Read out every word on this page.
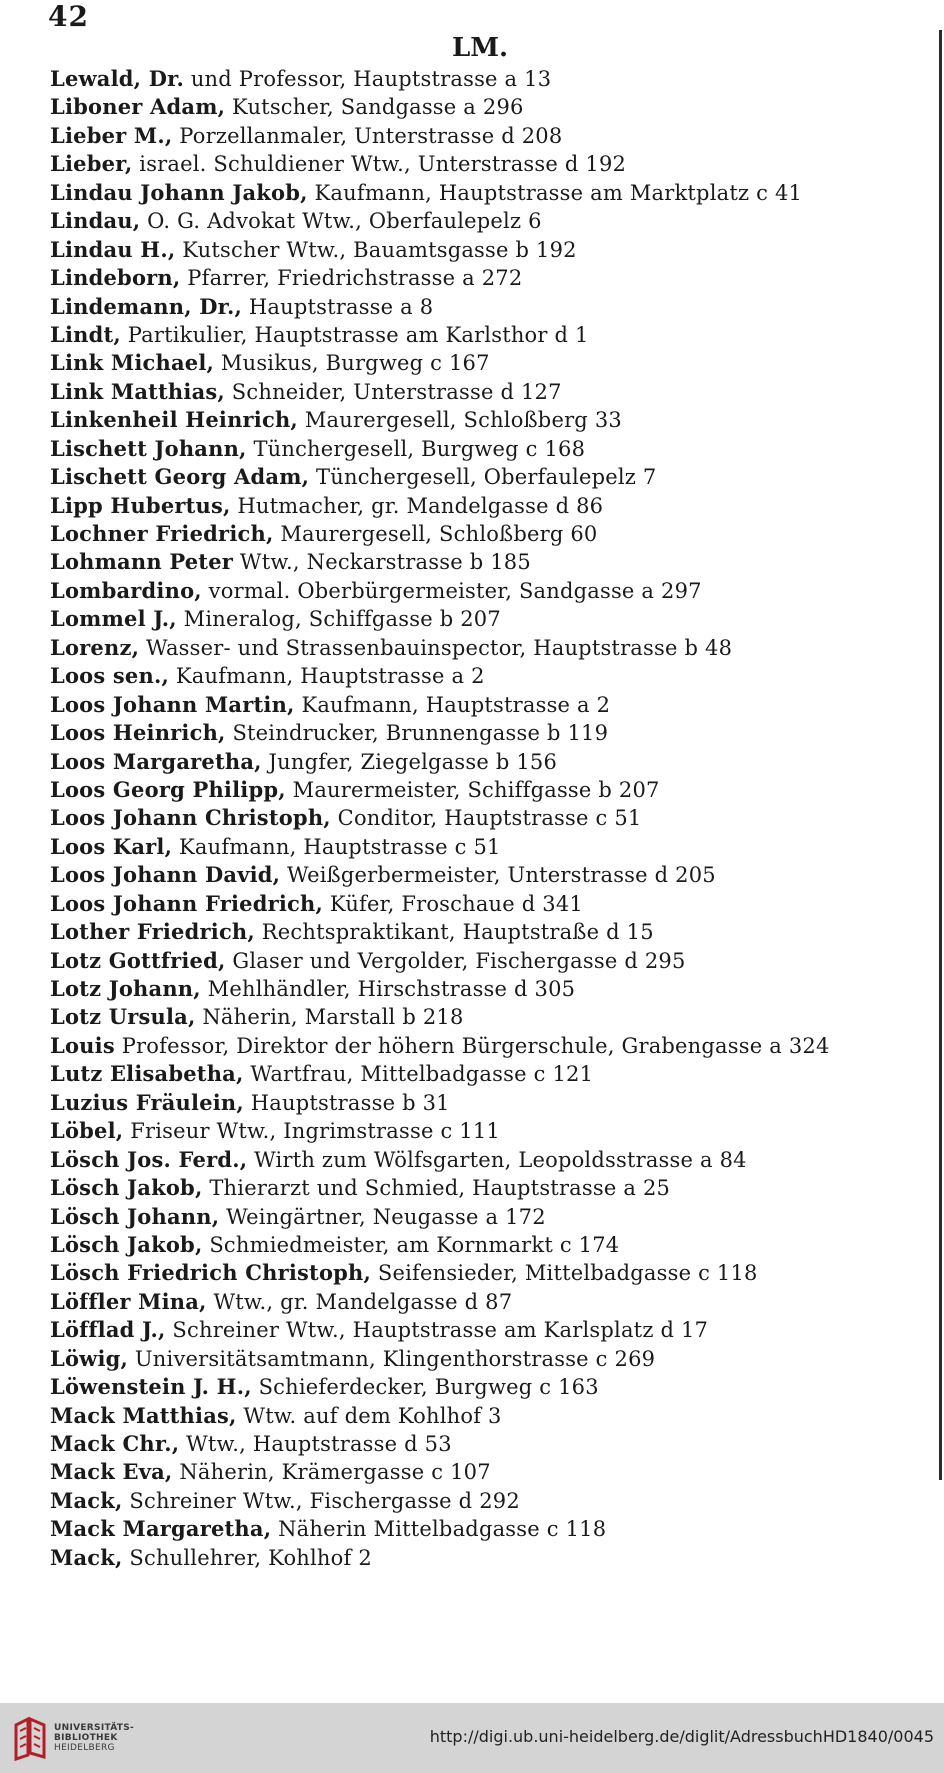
42
LM.
Lewald, Dr. und Professor, Hauptstrasse a 13
Liboner Adam, Kutscher, Sandgasse a 296
Lieber M., Porzellanmaler, Unterstrasse d 208
Lieber, israel. Schuldiener Wtw., Unterstrasse d 192
Lindau Johann Jakob, Kaufmann, Hauptstrasse am Marktplatz c 41
Lindau, O. G. Advokat Wtw., Oberfaulepelz 6
Lindau H., Kutscher Wtw., Bauamtsgasse b 192
Lindeborn, Pfarrer, Friedrichstrasse a 272
Lindemann, Dr., Hauptstrasse a 8
Lindt, Partikulier, Hauptstrasse am Karlsthor d 1
Link Michael, Musikus, Burgweg c 167
Link Matthias, Schneider, Unterstrasse d 127
Linkenheil Heinrich, Maurergesell, Schloßberg 33
Lischett Johann, Tünchergesell, Burgweg c 168
Lischett Georg Adam, Tünchergesell, Oberfaulepelz 7
Lipp Hubertus, Hutmacher, gr. Mandelgasse d 86
Lochner Friedrich, Maurergesell, Schloßberg 60
Lohmann Peter Wtw., Neckarstrasse b 185
Lombardino, vormal. Oberbürgermeister, Sandgasse a 297
Lommel J., Mineralog, Schiffgasse b 207
Lorenz, Wasser- und Strassenbauinspector, Hauptstrasse b 48
Loos sen., Kaufmann, Hauptstrasse a 2
Loos Johann Martin, Kaufmann, Hauptstrasse a 2
Loos Heinrich, Steindrucker, Brunnengasse b 119
Loos Margaretha, Jungfer, Ziegelgasse b 156
Loos Georg Philipp, Maurermeister, Schiffgasse b 207
Loos Johann Christoph, Conditor, Hauptstrasse c 51
Loos Karl, Kaufmann, Hauptstrasse c 51
Loos Johann David, Weißgerbermeister, Unterstrasse d 205
Loos Johann Friedrich, Küfer, Froschaue d 341
Lother Friedrich, Rechtspraktikant, Hauptstraße d 15
Lotz Gottfried, Glaser und Vergolder, Fischergasse d 295
Lotz Johann, Mehlhändler, Hirschstrasse d 305
Lotz Ursula, Näherin, Marstall b 218
Louis Professor, Direktor der höhern Bürgerschule, Grabengasse a 324
Lutz Elisabetha, Wartfrau, Mittelbadgasse c 121
Luzius Fräulein, Hauptstrasse b 31
Löbel, Friseur Wtw., Ingrimstrasse c 111
Lösch Jos. Ferd., Wirth zum Wölfsgarten, Leopoldsstrasse a 84
Lösch Jakob, Thierarzt und Schmied, Hauptstrasse a 25
Lösch Johann, Weingärtner, Neugasse a 172
Lösch Jakob, Schmiedmeister, am Kornmarkt c 174
Lösch Friedrich Christoph, Seifensieder, Mittelbadgasse c 118
Löffler Mina, Wtw., gr. Mandelgasse d 87
Löfflad J., Schreiner Wtw., Hauptstrasse am Karlsplatz d 17
Löwig, Universitätsamtmann, Klingenthorstrasse c 269
Löwenstein J. H., Schieferdecker, Burgweg c 163
Mack Matthias, Wtw. auf dem Kohlhof 3
Mack Chr., Wtw., Hauptstrasse d 53
Mack Eva, Näherin, Krämergasse c 107
Mack, Schreiner Wtw., Fischergasse d 292
Mack Margaretha, Näherin Mittelbadgasse c 118
Mack, Schullehrer, Kohlhof 2
UNIVERSITÄTS-
BIBLIOTHEK
HEIDELBERG
http://digi.ub.uni-heidelberg.de/diglit/AdressbuchHD1840/0045
